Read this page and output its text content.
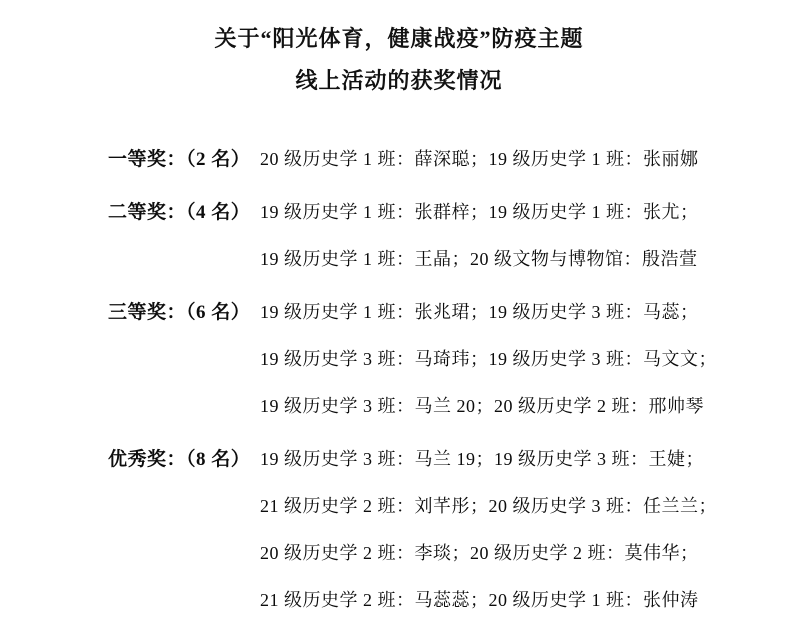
关于“阳光体育，健康战疫”防疫主题
线上活动的获奖情况
一等奖：（2 名） 20 级历史学 1 班：薛深聪；19 级历史学 1 班：张丽娜
二等奖：（4 名） 19 级历史学 1 班：张群梓；19 级历史学 1 班：张尤；
19 级历史学 1 班：王晶；20 级文物与博物馆：殷浩萱
三等奖：（6 名） 19 级历史学 1 班：张兆珺；19 级历史学 3 班：马蕊；
19 级历史学 3 班：马琦玮；19 级历史学 3 班：马文文；
19 级历史学 3 班：马兰 20；20 级历史学 2 班：邢帅琴
优秀奖：（8 名） 19 级历史学 3 班：马兰 19；19 级历史学 3 班：王婕；
21 级历史学 2 班：刘芊彤；20 级历史学 3 班：任兰兰；
20 级历史学 2 班：李琰；20 级历史学 2 班：莫伟华；
21 级历史学 2 班：马蕊蕊；20 级历史学 1 班：张仲涛
